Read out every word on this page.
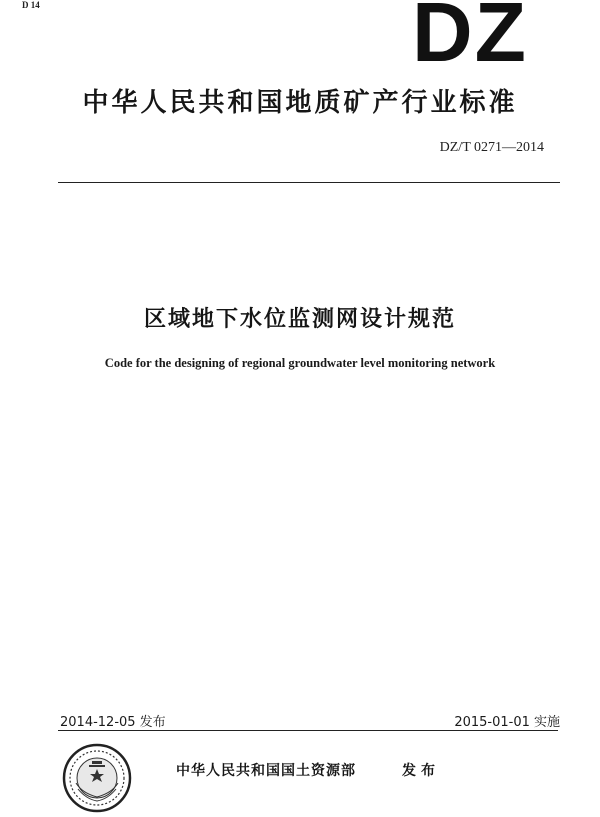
D 14	DZ
中华人民共和国地质矿产行业标准
DZ/T 0271—2014
区域地下水位监测网设计规范
Code for the designing of regional groundwater level monitoring network
2014-12-05 发布	2015-01-01 实施
中华人民共和国国土资源部	发布
